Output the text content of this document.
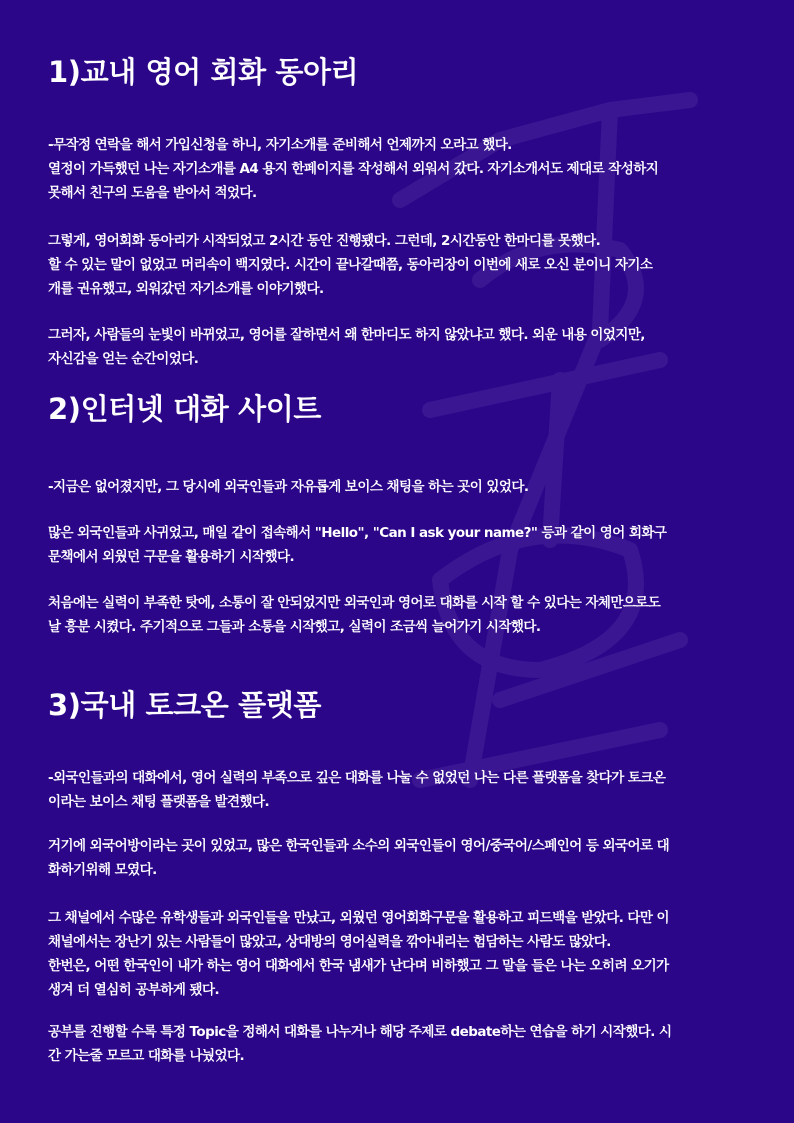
1)교내 영어 회화 동아리

-무작정 연락을 해서 가입신청을 하니, 자기소개를 준비해서 언제까지 오라고 했다.
열정이 가득했던 나는 자기소개를 A4 용지 한페이지를 작성해서 외워서 갔다. 자기소개서도 제대로 작성하지
못해서 친구의 도움을 받아서 적었다.

그렇게, 영어회화 동아리가 시작되었고 2시간 동안 진행됐다. 그런데, 2시간동안 한마디를 못했다.
할 수 있는 말이 없었고 머리속이 백지였다. 시간이 끝나갈때쯤, 동아리장이 이번에 새로 오신 분이니 자기소
개를 권유했고, 외워갔던 자기소개를 이야기했다.

그러자, 사람들의 눈빛이 바뀌었고, 영어를 잘하면서 왜 한마디도 하지 않았냐고 했다. 외운 내용 이었지만,
자신감을 얻는 순간이었다.

2)인터넷 대화 사이트

-지금은 없어졌지만, 그 당시에 외국인들과 자유롭게 보이스 채팅을 하는 곳이 있었다.

많은 외국인들과 사귀었고, 매일 같이 접속해서 "Hello", "Can I ask your name?" 등과 같이 영어 회화구
문책에서 외웠던 구문을 활용하기 시작했다.

처음에는 실력이 부족한 탓에, 소통이 잘 안되었지만 외국인과 영어로 대화를 시작 할 수 있다는 자체만으로도
날 흥분 시켰다. 주기적으로 그들과 소통을 시작했고, 실력이 조금씩 늘어가기 시작했다.

3)국내 토크온 플랫폼

-외국인들과의 대화에서, 영어 실력의 부족으로 깊은 대화를 나눌 수 없었던 나는 다른 플랫폼을 찾다가 토크온
이라는 보이스 채팅 플랫폼을 발견했다.

거기에 외국어방이라는 곳이 있었고, 많은 한국인들과 소수의 외국인들이 영어/중국어/스페인어 등 외국어로 대
화하기위해 모였다.

그 채널에서 수많은 유학생들과 외국인들을 만났고, 외웠던 영어회화구문을 활용하고 피드백을 받았다. 다만 이
채널에서는 장난기 있는 사람들이 많았고, 상대방의 영어실력을 깎아내리는 험담하는 사람도 많았다.
한번은, 어떤 한국인이 내가 하는 영어 대화에서 한국 냄새가 난다며 비하했고 그 말을 들은 나는 오히려 오기가
생겨 더 열심히 공부하게 됐다.

공부를 진행할 수록 특정 Topic을 정해서 대화를 나누거나 해당 주제로 debate하는 연습을 하기 시작했다. 시
간 가는줄 모르고 대화를 나눴었다.
